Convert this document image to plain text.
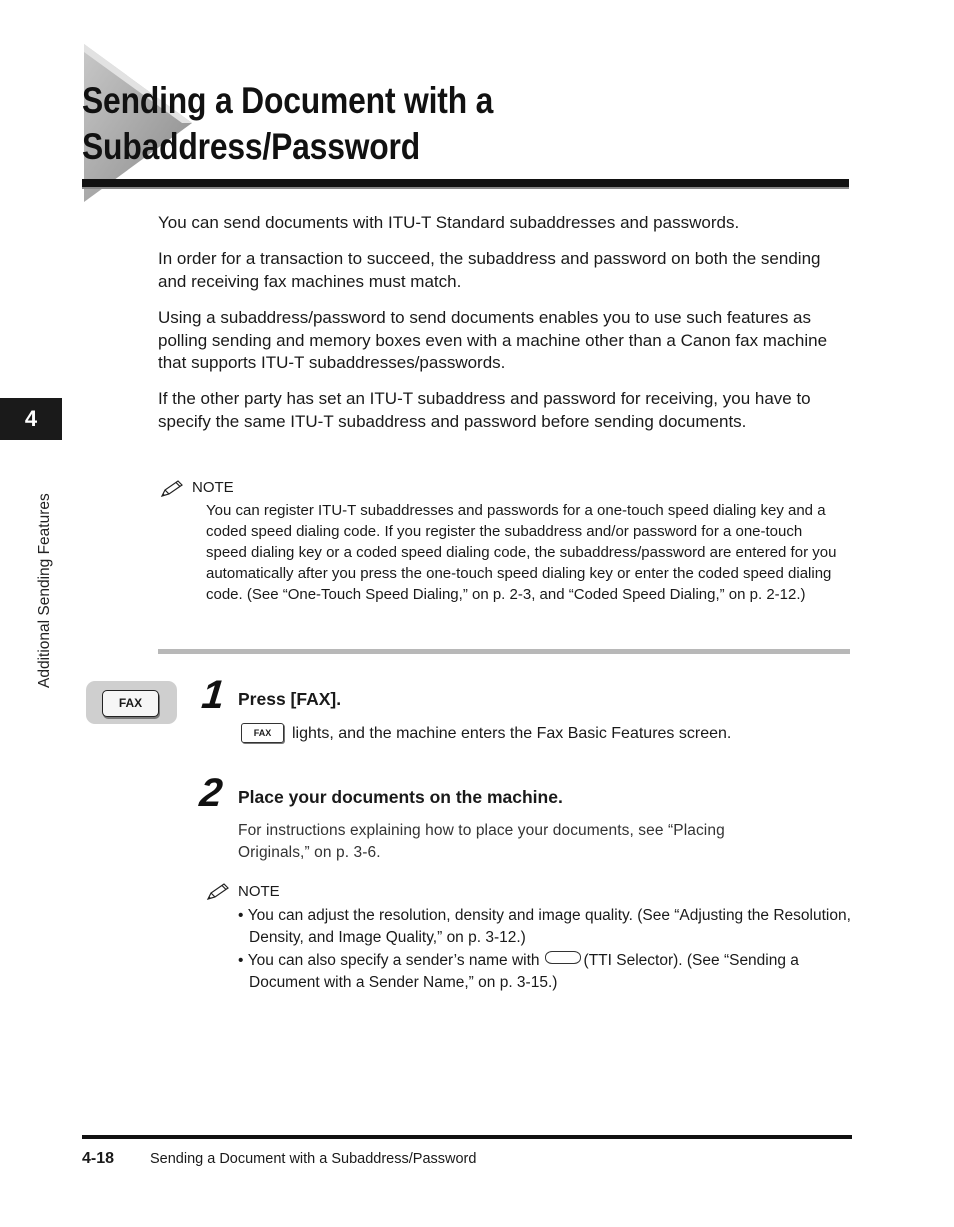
Sending a Document with a
Subaddress/Password

You can send documents with ITU-T Standard subaddresses and passwords.

In order for a transaction to succeed, the subaddress and password on both the sending and receiving fax machines must match.

Using a subaddress/password to send documents enables you to use such features as polling sending and memory boxes even with a machine other than a Canon fax machine that supports ITU-T subaddresses/passwords.

If the other party has set an ITU-T subaddress and password for receiving, you have to specify the same ITU-T subaddress and password before sending documents.

NOTE

You can register ITU-T subaddresses and passwords for a one-touch speed dialing key and a coded speed dialing code. If you register the subaddress and/or password for a one-touch speed dialing key or a coded speed dialing code, the subaddress/password are entered for you automatically after you press the one-touch speed dialing key or enter the coded speed dialing code. (See “One-Touch Speed Dialing,” on p. 2-3, and “Coded Speed Dialing,” on p. 2-12.)

4
Additional Sending Features
FAX	1 Press [FAX].
FAX	lights, and the machine enters the Fax Basic Features screen.
2 Place your documents on the machine.

For instructions explaining how to place your documents, see “Placing Originals,” on p. 3-6.

NOTE

• You can adjust the resolution, density and image quality. (See “Adjusting the Resolution, Density, and Image Quality,” on p. 3-12.)

• You can also specify a sender’s name with	(TTI Selector). (See “Sending a Document with a Sender Name,” on p. 3-15.)

4-18 Sending a Document with a Subaddress/Password
